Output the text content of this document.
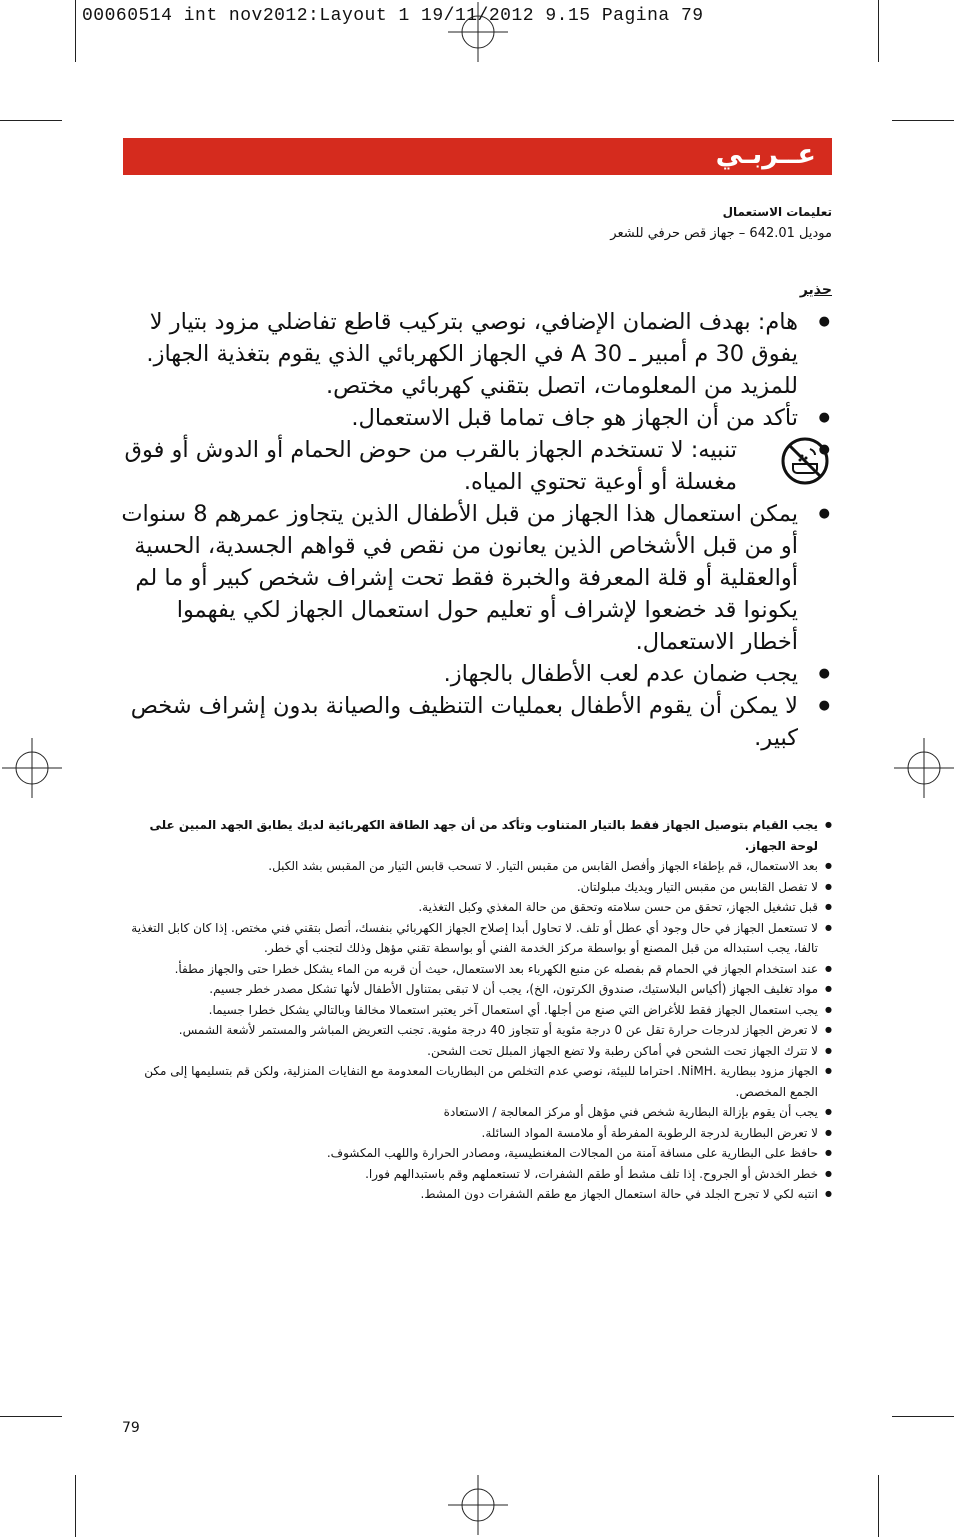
00060514 int nov2012:Layout 1 19/11/2012 9.15 Pagina 79
عــربـي
تعليمات الاستعمال
موديل 642.01 – جهاز قص حرفي للشعر
حذير
● هام: بهدف الضمان الإضافي، نوصي بتركيب قاطع تفاضلي مزود بتيار لا يفوق 30 م أمبير ـ 30 A في الجهاز الكهربائي الذي يقوم بتغذية الجهاز. للمزيد من المعلومات، اتصل بتقني كهربائي مختص.
● تأكد من أن الجهاز هو جاف تماما قبل الاستعمال.
● تنبيه: لا تستخدم الجهاز بالقرب من حوض الحمام أو الدوش أو فوق مغسلة أو أوعية تحتوي المياه.
● يمكن استعمال هذا الجهاز من قبل الأطفال الذين يتجاوز عمرهم 8 سنوات أو من قبل الأشخاص الذين يعانون من نقص في قواهم الجسدية، الحسية أوالعقلية أو قلة المعرفة والخبرة فقط تحت إشراف شخص كبير أو ما لم يكونوا قد خضعوا لإشراف أو تعليم حول استعمال الجهاز لكي يفهموا أخطار الاستعمال.
● يجب ضمان عدم لعب الأطفال بالجهاز.
● لا يمكن أن يقوم الأطفال بعمليات التنظيف والصيانة بدون إشراف شخص كبير.
● يجب القيام بتوصيل الجهاز فقط بالتيار المتناوب وتأكد من أن جهد الطاقة الكهربائية لديك يطابق الجهد المبين على لوحة الجهاز.
● بعد الاستعمال، قم بإطفاء الجهاز وأفصل القابس من مقبس التيار. لا تسحب قابس التيار من المقبس بشد الكبل.
● لا تفصل القابس من مقبس التيار ويديك مبلولتان.
● قبل تشغيل الجهاز، تحقق من حسن سلامته وتحقق من حالة المغذي وكبل التغذية.
● لا تستعمل الجهاز في حال وجود أي عطل أو تلف. لا تحاول أبدا إصلاح الجهاز الكهربائي بنفسك، أتصل بتقني فني مختص. إذا كان كابل التغذية تالفا، يجب استبداله من قبل المصنع أو بواسطة مركز الخدمة الفني أو بواسطة تقني مؤهل وذلك لتجنب أي خطر.
● عند استخدام الجهاز في الحمام قم بفصله عن منبع الكهرباء بعد الاستعمال، حيث أن قربه من الماء يشكل خطرا حتى والجهاز مطفأ.
● مواد تغليف الجهاز (أكياس البلاستيك، صندوق الكرتون، الخ)، يجب أن لا تبقى بمتناول الأطفال لأنها تشكل مصدر خطر جسيم.
● يجب استعمال الجهاز فقط للأغراض التي صنع من أجلها. أي استعمال آخر يعتبر استعمالا مخالفا وبالتالي يشكل خطرا جسيما.
● لا تعرض الجهاز لدرجات حرارة تقل عن 0 درجة مئوية أو تتجاوز 40 درجة مئوية. تجنب التعريض المباشر والمستمر لأشعة الشمس.
● لا تترك الجهاز تحت الشحن في أماكن رطبة ولا تضع الجهاز المبلل تحت الشحن.
● الجهاز مزود ببطارية .NiMH. احتراما للبيئة، نوصي عدم التخلص من البطاريات المعدومة مع النفايات المنزلية، ولكن قم بتسليمها إلى مكن الجمع المخصص.
● يجب أن يقوم بإزالة البطارية شخص فني مؤهل أو مركز المعالجة / الاستعادة
● لا تعرض البطارية لدرجة الرطوبة المفرطة أو ملامسة المواد السائلة.
● حافظ على البطارية على مسافة آمنة من المجالات المغنطيسية، ومصادر الحرارة واللهب المكشوف.
● خطر الخدش أو الجروح. إذا تلف مشط أو طقم الشفرات، لا تستعملهم وقم باستبدالهم فورا.
● انتبه لكي لا تجرح الجلد في حالة استعمال الجهاز مع طقم الشفرات دون المشط.
79
